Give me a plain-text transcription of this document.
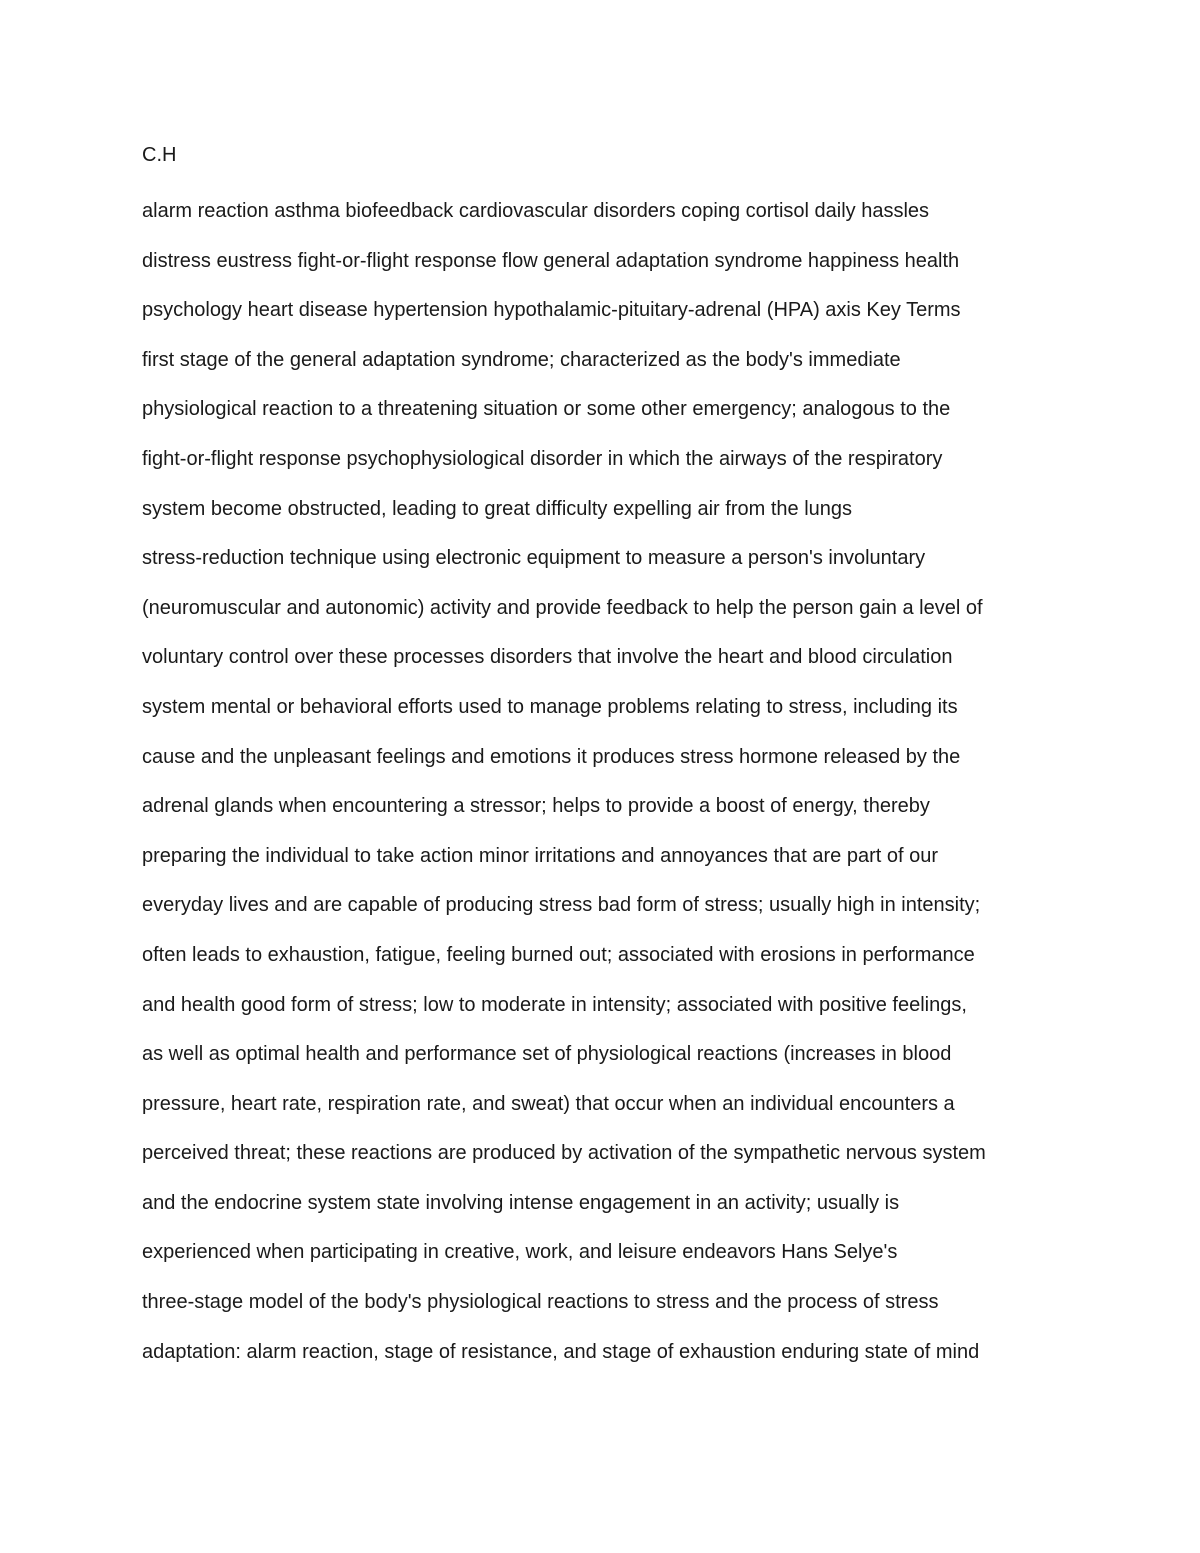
C.H
alarm reaction asthma biofeedback cardiovascular disorders coping cortisol daily hassles
distress eustress fight-or-flight response flow general adaptation syndrome happiness health
psychology heart disease hypertension hypothalamic-pituitary-adrenal (HPA) axis Key Terms
first stage of the general adaptation syndrome; characterized as the body's immediate
physiological reaction to a threatening situation or some other emergency; analogous to the
fight-or-flight response psychophysiological disorder in which the airways of the respiratory
system become obstructed, leading to great difficulty expelling air from the lungs
stress-reduction technique using electronic equipment to measure a person's involuntary
(neuromuscular and autonomic) activity and provide feedback to help the person gain a level of
voluntary control over these processes disorders that involve the heart and blood circulation
system mental or behavioral efforts used to manage problems relating to stress, including its
cause and the unpleasant feelings and emotions it produces stress hormone released by the
adrenal glands when encountering a stressor; helps to provide a boost of energy, thereby
preparing the individual to take action minor irritations and annoyances that are part of our
everyday lives and are capable of producing stress bad form of stress; usually high in intensity;
often leads to exhaustion, fatigue, feeling burned out; associated with erosions in performance
and health good form of stress; low to moderate in intensity; associated with positive feelings,
as well as optimal health and performance set of physiological reactions (increases in blood
pressure, heart rate, respiration rate, and sweat) that occur when an individual encounters a
perceived threat; these reactions are produced by activation of the sympathetic nervous system
and the endocrine system state involving intense engagement in an activity; usually is
experienced when participating in creative, work, and leisure endeavors Hans Selye's
three-stage model of the body's physiological reactions to stress and the process of stress
adaptation: alarm reaction, stage of resistance, and stage of exhaustion enduring state of mind
